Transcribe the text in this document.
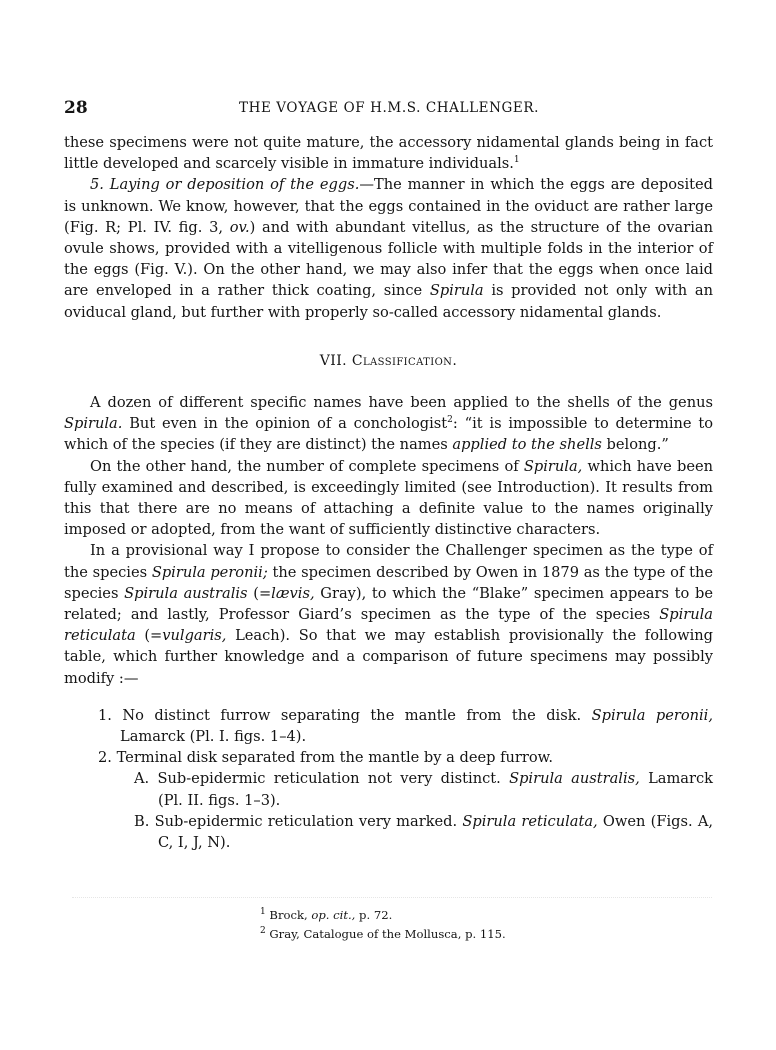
28	THE VOYAGE OF H.M.S. CHALLENGER.

these specimens were not quite mature, the accessory nidamental glands being in fact little developed and scarcely visible in immature individuals.$^1$

5. Laying or deposition of the eggs.—The manner in which the eggs are deposited is unknown. We know, however, that the eggs contained in the oviduct are rather large (Fig. R; Pl. IV. fig. 3, ov.) and with abundant vitellus, as the structure of the ovarian ovule shows, provided with a vitelligenous follicle with multiple folds in the interior of the eggs (Fig. V.). On the other hand, we may also infer that the eggs when once laid are enveloped in a rather thick coating, since Spirula is provided not only with an oviducal gland, but further with properly so-called accessory nidamental glands.

VII. Classification.

A dozen of different specific names have been applied to the shells of the genus Spirula. But even in the opinion of a conchologist$^2$: “it is impossible to determine to which of the species (if they are distinct) the names applied to the shells belong.”

On the other hand, the number of complete specimens of Spirula, which have been fully examined and described, is exceedingly limited (see Introduction). It results from this that there are no means of attaching a definite value to the names originally imposed or adopted, from the want of sufficiently distinctive characters.

In a provisional way I propose to consider the Challenger specimen as the type of the species Spirula peronii; the specimen described by Owen in 1879 as the type of the species Spirula australis (=lævis, Gray), to which the “Blake” specimen appears to be related; and lastly, Professor Giard’s specimen as the type of the species Spirula reticulata (=vulgaris, Leach). So that we may establish provisionally the following table, which further knowledge and a comparison of future specimens may possibly modify :—

1. No distinct furrow separating the mantle from the disk. Spirula peronii, Lamarck (Pl. I. figs. 1–4).
2. Terminal disk separated from the mantle by a deep furrow.
A. Sub-epidermic reticulation not very distinct. Spirula australis, Lamarck (Pl. II. figs. 1–3).
B. Sub-epidermic reticulation very marked. Spirula reticulata, Owen (Figs. A, C, I, J, N).
$^1$ Brock, op. cit., p. 72.
$^2$ Gray, Catalogue of the Mollusca, p. 115.
